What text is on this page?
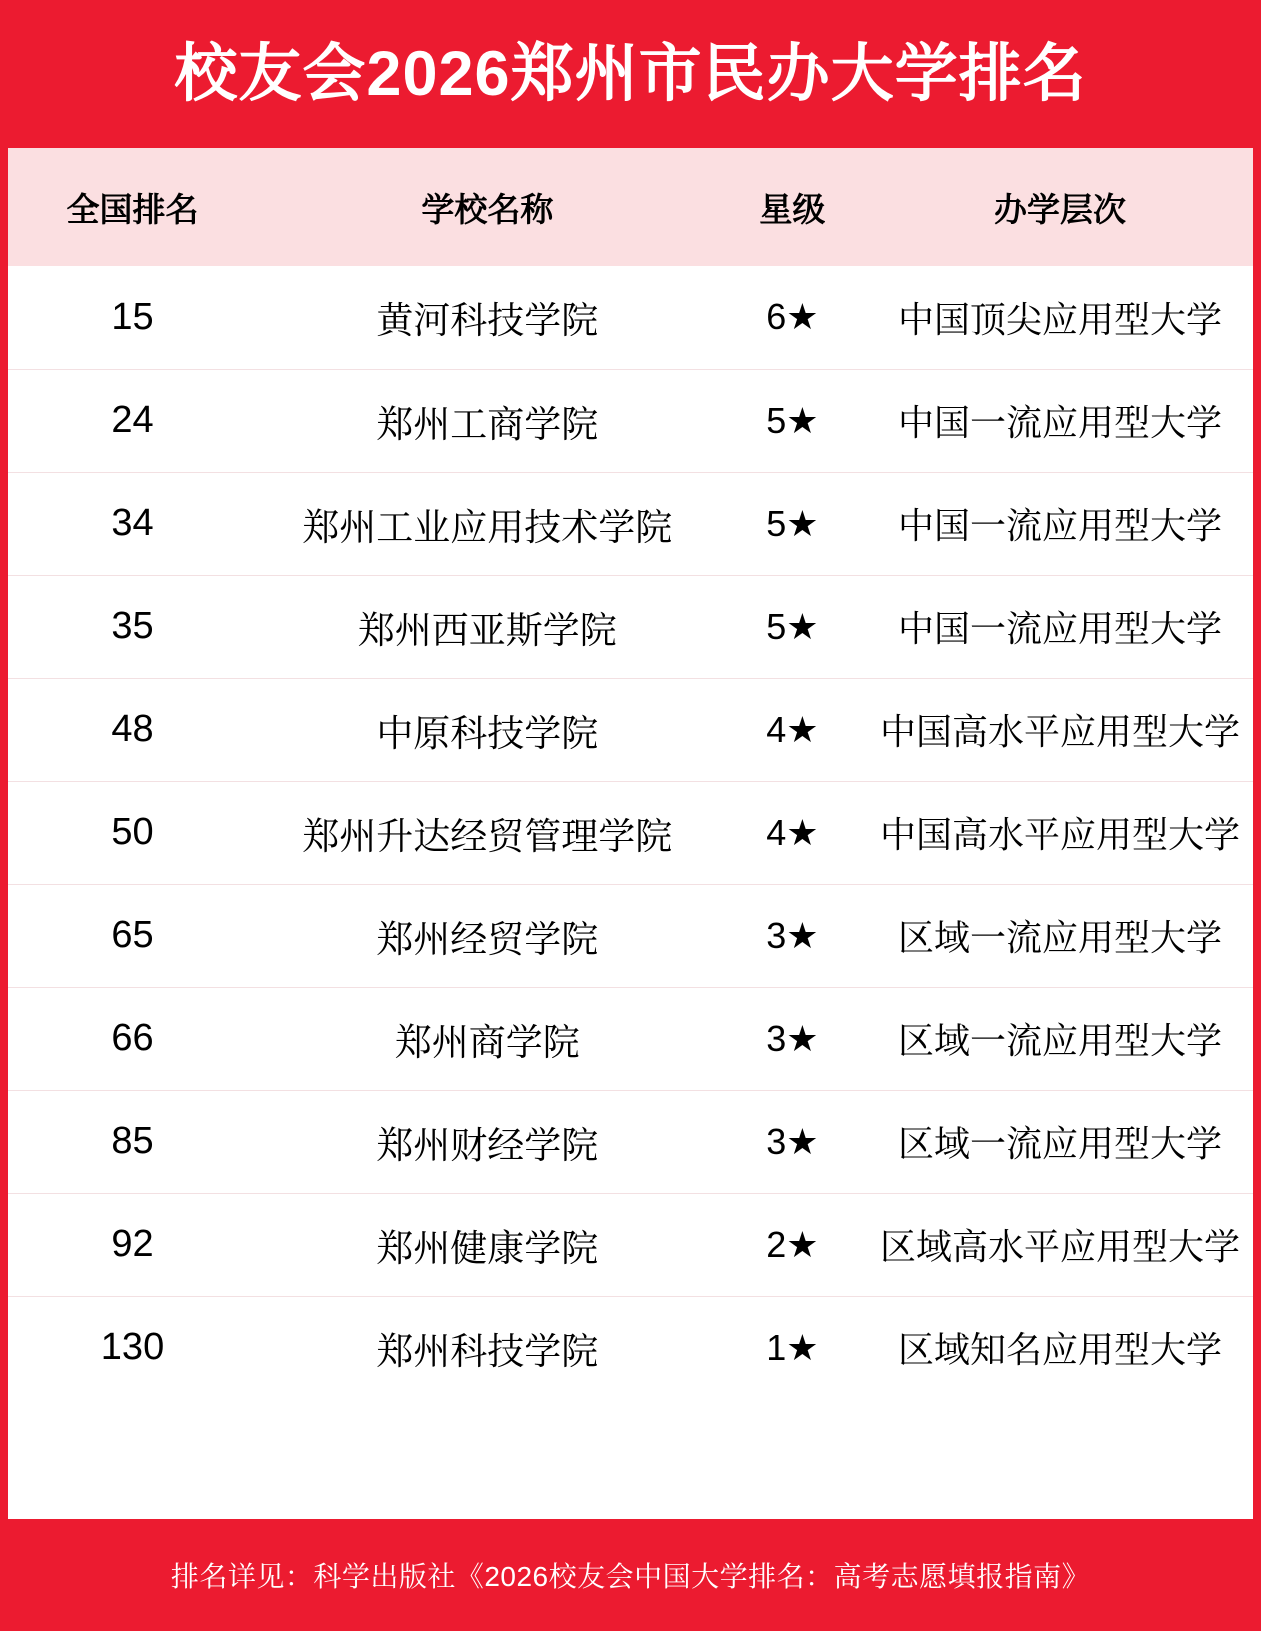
校友会2026郑州市民办大学排名
全国排名	学校名称	星级	办学层次
15	黄河科技学院	6★	中国顶尖应用型大学
24	郑州工商学院	5★	中国一流应用型大学
34	郑州工业应用技术学院	5★	中国一流应用型大学
35	郑州西亚斯学院	5★	中国一流应用型大学
48	中原科技学院	4★	中国高水平应用型大学
50	郑州升达经贸管理学院	4★	中国高水平应用型大学
65	郑州经贸学院	3★	区域一流应用型大学
66	郑州商学院	3★	区域一流应用型大学
85	郑州财经学院	3★	区域一流应用型大学
92	郑州健康学院	2★	区域高水平应用型大学
130	郑州科技学院	1★	区域知名应用型大学
排名详见：科学出版社《2026校友会中国大学排名：高考志愿填报指南》
